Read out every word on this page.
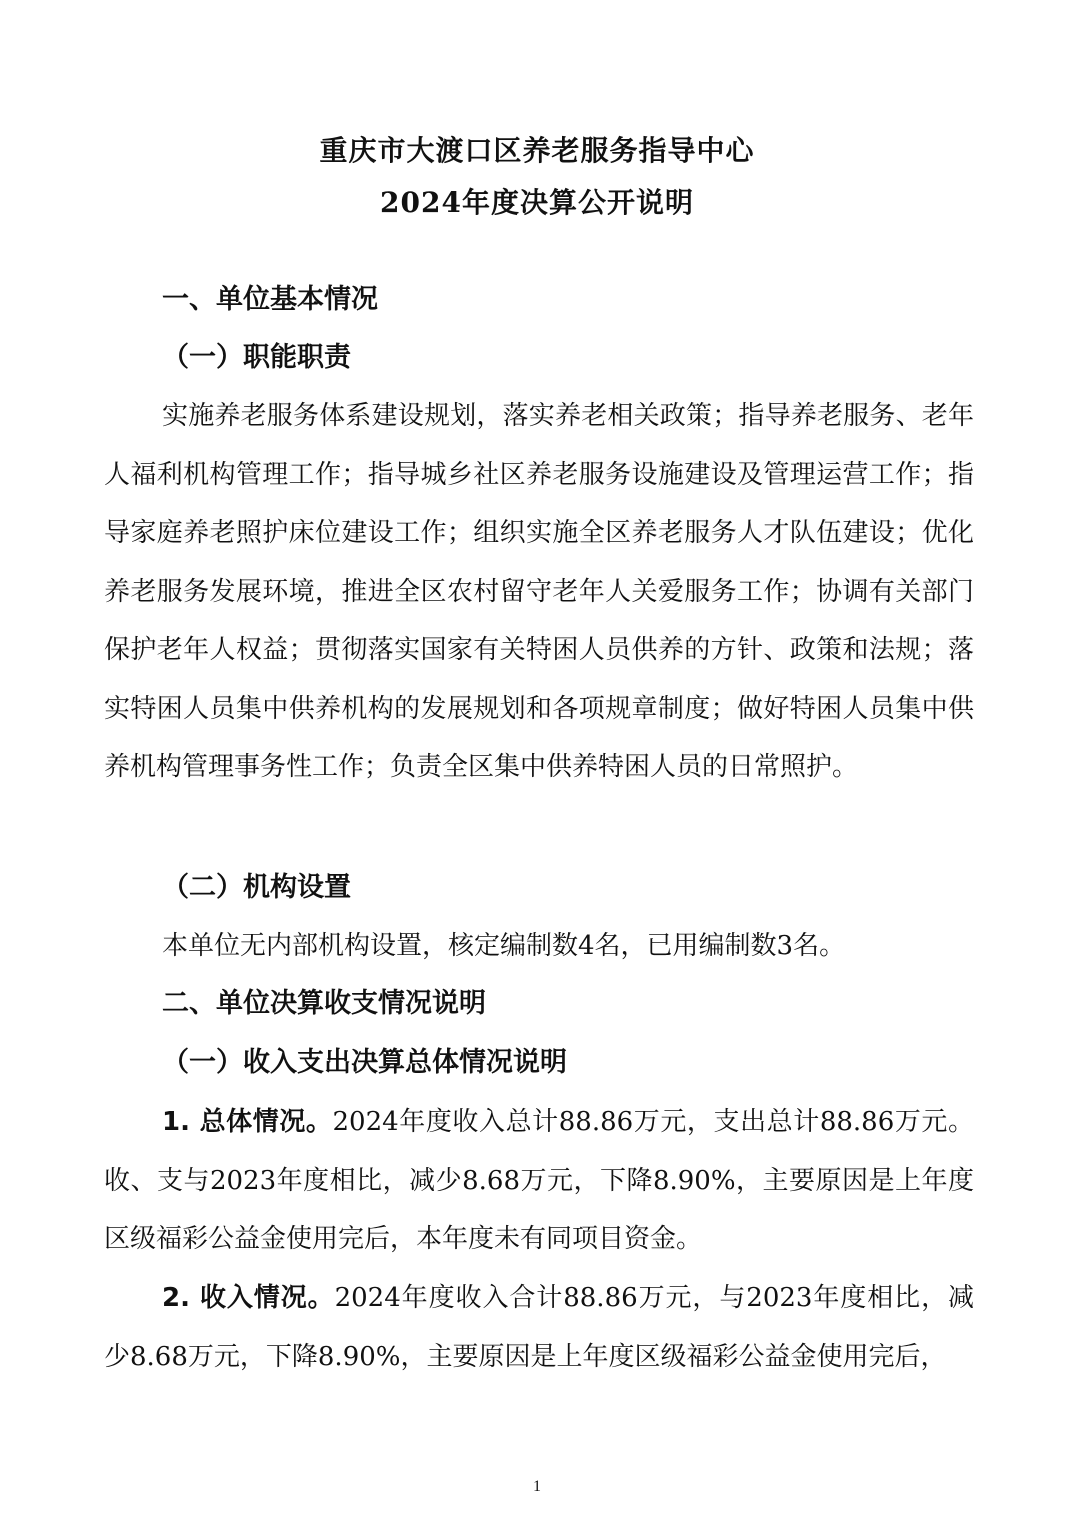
重庆市大渡口区养老服务指导中心
2024年度决算公开说明
一、单位基本情况
（一）职能职责
实施养老服务体系建设规划，落实养老相关政策；指导养老服务、老年人福利机构管理工作；指导城乡社区养老服务设施建设及管理运营工作；指导家庭养老照护床位建设工作；组织实施全区养老服务人才队伍建设；优化养老服务发展环境，推进全区农村留守老年人关爱服务工作；协调有关部门保护老年人权益；贯彻落实国家有关特困人员供养的方针、政策和法规；落实特困人员集中供养机构的发展规划和各项规章制度；做好特困人员集中供养机构管理事务性工作；负责全区集中供养特困人员的日常照护。
（二）机构设置
本单位无内部机构设置，核定编制数4名，已用编制数3名。
二、单位决算收支情况说明
（一）收入支出决算总体情况说明
1. 总体情况。2024年度收入总计88.86万元，支出总计88.86万元。收、支与2023年度相比，减少8.68万元，下降8.90%，主要原因是上年度区级福彩公益金使用完后，本年度未有同项目资金。
2. 收入情况。2024年度收入合计88.86万元，与2023年度相比，减少8.68万元，下降8.90%，主要原因是上年度区级福彩公益金使用完后，
1
